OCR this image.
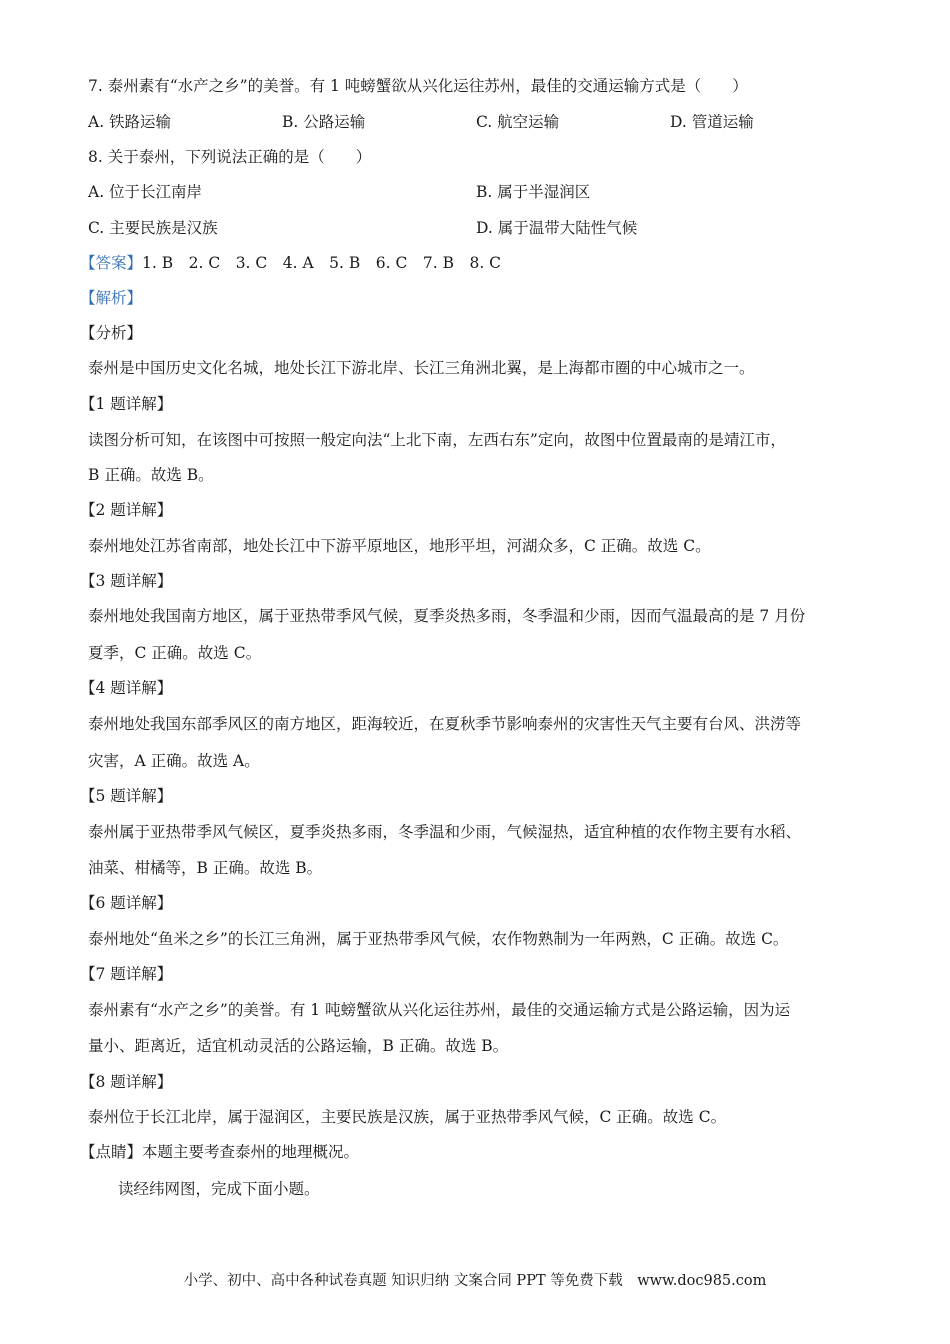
7. 泰州素有“水产之乡”的美誉。有 1 吨螃蟹欲从兴化运往苏州，最佳的交通运输方式是（　　）
A. 铁路运输	B. 公路运输	C. 航空运输	D. 管道运输
8. 关于泰州，下列说法正确的是（　　）
A. 位于长江南岸	B. 属于半湿润区
C. 主要民族是汉族	D. 属于温带大陆性气候
【答案】1. B　2. C　3. C　4. A　5. B　6. C　7. B　8. C
【解析】
【分析】
泰州是中国历史文化名城，地处长江下游北岸、长江三角洲北翼，是上海都市圈的中心城市之一。
【1 题详解】
读图分析可知，在该图中可按照一般定向法“上北下南，左西右东”定向，故图中位置最南的是靖江市，
B 正确。故选 B。
【2 题详解】
泰州地处江苏省南部，地处长江中下游平原地区，地形平坦，河湖众多，C 正确。故选 C。
【3 题详解】
泰州地处我国南方地区，属于亚热带季风气候，夏季炎热多雨，冬季温和少雨，因而气温最高的是 7 月份
夏季，C 正确。故选 C。
【4 题详解】
泰州地处我国东部季风区的南方地区，距海较近，在夏秋季节影响泰州的灾害性天气主要有台风、洪涝等
灾害，A 正确。故选 A。
【5 题详解】
泰州属于亚热带季风气候区，夏季炎热多雨，冬季温和少雨，气候湿热，适宜种植的农作物主要有水稻、
油菜、柑橘等，B 正确。故选 B。
【6 题详解】
泰州地处“鱼米之乡”的长江三角洲，属于亚热带季风气候，农作物熟制为一年两熟，C 正确。故选 C。
【7 题详解】
泰州素有“水产之乡”的美誉。有 1 吨螃蟹欲从兴化运往苏州，最佳的交通运输方式是公路运输，因为运
量小、距离近，适宜机动灵活的公路运输，B 正确。故选 B。
【8 题详解】
泰州位于长江北岸，属于湿润区，主要民族是汉族，属于亚热带季风气候，C 正确。故选 C。
【点睛】本题主要考查泰州的地理概况。
读经纬网图，完成下面小题。
小学、初中、高中各种试卷真题 知识归纳 文案合同 PPT 等免费下载　www.doc985.com
